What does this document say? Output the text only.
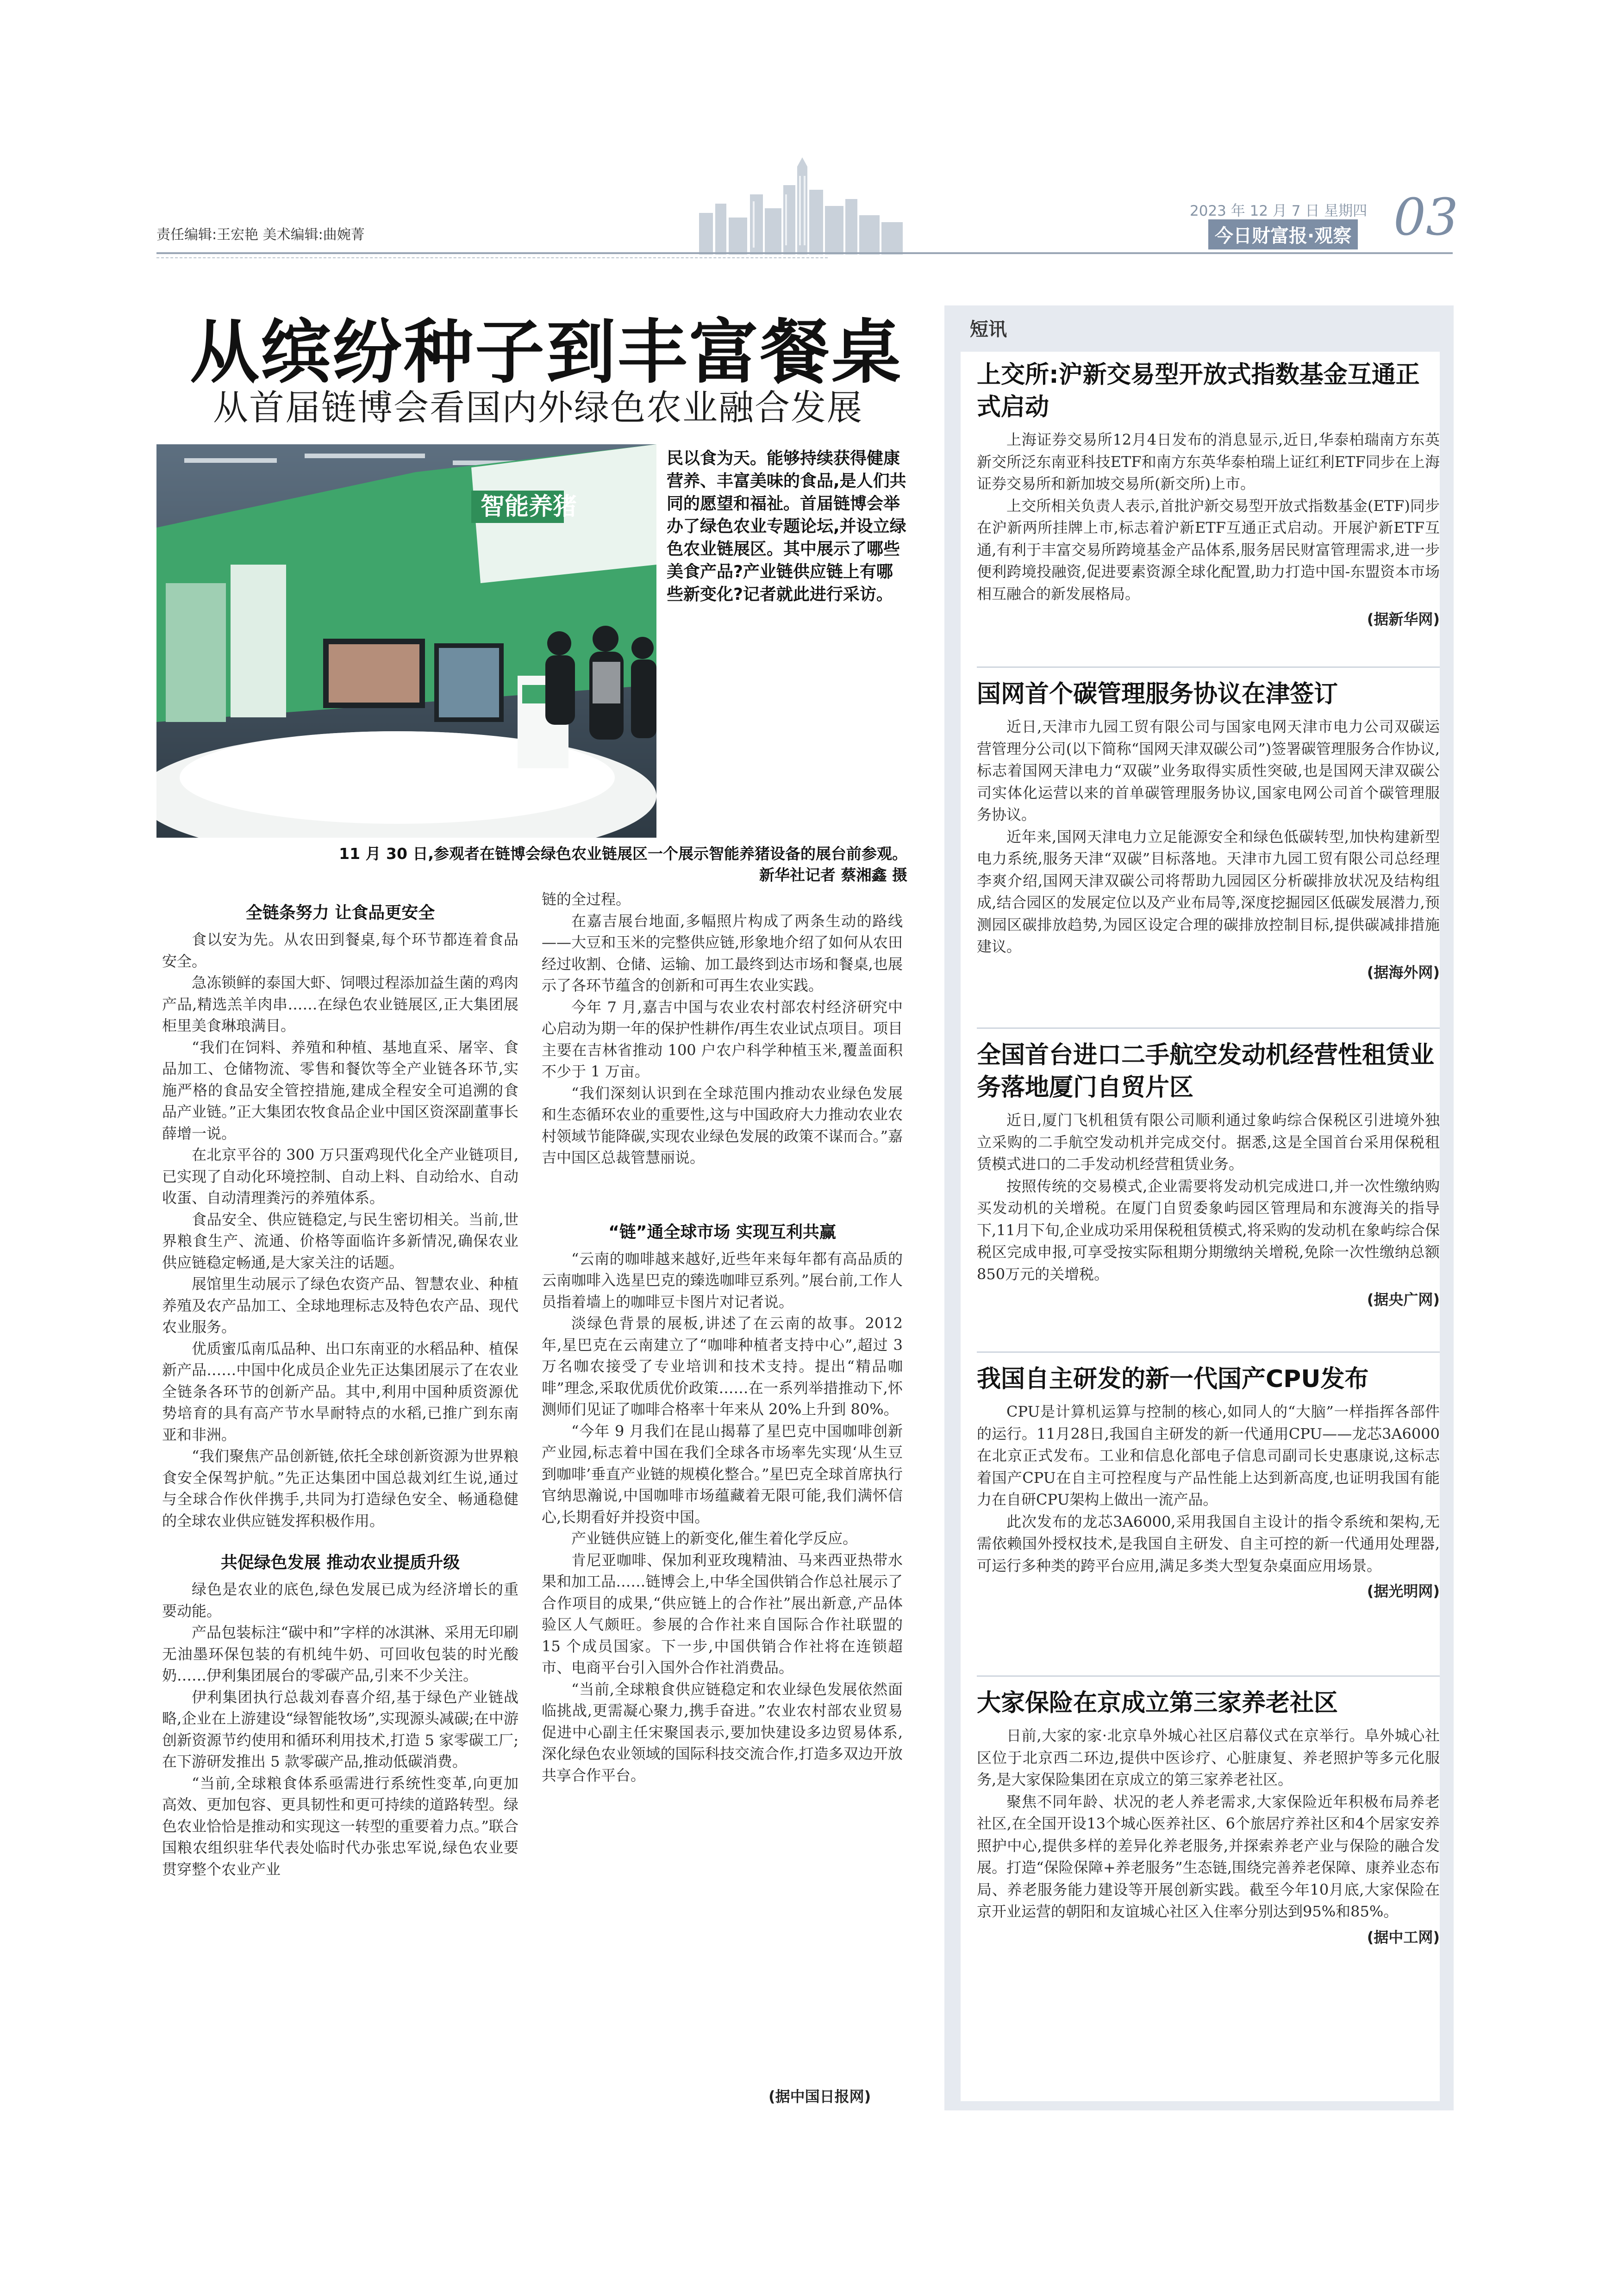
责任编辑:王宏艳 美术编辑:曲婉菁
2023 年 12 月 7 日 星期四
今日财富报·观察 03
从缤纷种子到丰富餐桌
从首届链博会看国内外绿色农业融合发展
智能养猪
民以食为天。能够持续获得健康营养、丰富美味的食品,是人们共同的愿望和福祉。首届链博会举办了绿色农业专题论坛,并设立绿色农业链展区。其中展示了哪些美食产品?产业链供应链上有哪些新变化?记者就此进行采访。
11 月 30 日,参观者在链博会绿色农业链展区一个展示智能养猪设备的展台前参观。
新华社记者 蔡湘鑫 摄
全链条努力 让食品更安全

食以安为先。从农田到餐桌,每个环节都连着食品安全。

急冻锁鲜的泰国大虾、饲喂过程添加益生菌的鸡肉产品,精选羔羊肉串……在绿色农业链展区,正大集团展柜里美食琳琅满目。

“我们在饲料、养殖和种植、基地直采、屠宰、食品加工、仓储物流、零售和餐饮等全产业链各环节,实施严格的食品安全管控措施,建成全程安全可追溯的食品产业链。”正大集团农牧食品企业中国区资深副董事长薛增一说。

在北京平谷的 300 万只蛋鸡现代化全产业链项目,已实现了自动化环境控制、自动上料、自动给水、自动收蛋、自动清理粪污的养殖体系。

食品安全、供应链稳定,与民生密切相关。当前,世界粮食生产、流通、价格等面临许多新情况,确保农业供应链稳定畅通,是大家关注的话题。

展馆里生动展示了绿色农资产品、智慧农业、种植养殖及农产品加工、全球地理标志及特色农产品、现代农业服务。

优质蜜瓜南瓜品种、出口东南亚的水稻品种、植保新产品……中国中化成员企业先正达集团展示了在农业全链条各环节的创新产品。其中,利用中国种质资源优势培育的具有高产节水旱耐特点的水稻,已推广到东南亚和非洲。

“我们聚焦产品创新链,依托全球创新资源为世界粮食安全保驾护航。”先正达集团中国总裁刘红生说,通过与全球合作伙伴携手,共同为打造绿色安全、畅通稳健的全球农业供应链发挥积极作用。

共促绿色发展 推动农业提质升级

绿色是农业的底色,绿色发展已成为经济增长的重要动能。

产品包装标注“碳中和”字样的冰淇淋、采用无印刷无油墨环保包装的有机纯牛奶、可回收包装的时光酸奶……伊利集团展台的零碳产品,引来不少关注。

伊利集团执行总裁刘春喜介绍,基于绿色产业链战略,企业在上游建设“绿智能牧场”,实现源头减碳;在中游创新资源节约使用和循环利用技术,打造 5 家零碳工厂;在下游研发推出 5 款零碳产品,推动低碳消费。

“当前,全球粮食体系亟需进行系统性变革,向更加高效、更加包容、更具韧性和更可持续的道路转型。绿色农业恰恰是推动和实现这一转型的重要着力点。”联合国粮农组织驻华代表处临时代办张忠军说,绿色农业要贯穿整个农业产业

链的全过程。

在嘉吉展台地面,多幅照片构成了两条生动的路线——大豆和玉米的完整供应链,形象地介绍了如何从农田经过收割、仓储、运输、加工最终到达市场和餐桌,也展示了各环节蕴含的创新和可再生农业实践。

今年 7 月,嘉吉中国与农业农村部农村经济研究中心启动为期一年的保护性耕作/再生农业试点项目。项目主要在吉林省推动 100 户农户科学种植玉米,覆盖面积不少于 1 万亩。

“我们深刻认识到在全球范围内推动农业绿色发展和生态循环农业的重要性,这与中国政府大力推动农业农村领域节能降碳,实现农业绿色发展的政策不谋而合。”嘉吉中国区总裁管慧丽说。

“链”通全球市场 实现互利共赢

“云南的咖啡越来越好,近些年来每年都有高品质的云南咖啡入选星巴克的臻选咖啡豆系列。”展台前,工作人员指着墙上的咖啡豆卡图片对记者说。

淡绿色背景的展板,讲述了在云南的故事。2012 年,星巴克在云南建立了“咖啡种植者支持中心”,超过 3 万名咖农接受了专业培训和技术支持。提出“精品咖啡”理念,采取优质优价政策……在一系列举措推动下,怀测师们见证了咖啡合格率十年来从 20%上升到 80%。

“今年 9 月我们在昆山揭幕了星巴克中国咖啡创新产业园,标志着中国在我们全球各市场率先实现‘从生豆到咖啡’垂直产业链的规模化整合。”星巴克全球首席执行官纳思瀚说,中国咖啡市场蕴藏着无限可能,我们满怀信心,长期看好并投资中国。

产业链供应链上的新变化,催生着化学反应。

肯尼亚咖啡、保加利亚玫瑰精油、马来西亚热带水果和加工品……链博会上,中华全国供销合作总社展示了合作项目的成果,“供应链上的合作社”展出新意,产品体验区人气颇旺。参展的合作社来自国际合作社联盟的 15 个成员国家。下一步,中国供销合作社将在连锁超市、电商平台引入国外合作社消费品。

“当前,全球粮食供应链稳定和农业绿色发展依然面临挑战,更需凝心聚力,携手奋进。”农业农村部农业贸易促进中心副主任宋聚国表示,要加快建设多边贸易体系,深化绿色农业领域的国际科技交流合作,打造多双边开放共享合作平台。

(据中国日报网)
短讯
上交所:沪新交易型开放式指数基金互通正式启动

上海证券交易所12月4日发布的消息显示,近日,华泰柏瑞南方东英新交所泛东南亚科技ETF和南方东英华泰柏瑞上证红利ETF同步在上海证券交易所和新加坡交易所(新交所)上市。

上交所相关负责人表示,首批沪新交易型开放式指数基金(ETF)同步在沪新两所挂牌上市,标志着沪新ETF互通正式启动。开展沪新ETF互通,有利于丰富交易所跨境基金产品体系,服务居民财富管理需求,进一步便利跨境投融资,促进要素资源全球化配置,助力打造中国-东盟资本市场相互融合的新发展格局。

(据新华网)
国网首个碳管理服务协议在津签订

近日,天津市九园工贸有限公司与国家电网天津市电力公司双碳运营管理分公司(以下简称“国网天津双碳公司”)签署碳管理服务合作协议,标志着国网天津电力“双碳”业务取得实质性突破,也是国网天津双碳公司实体化运营以来的首单碳管理服务协议,国家电网公司首个碳管理服务协议。

近年来,国网天津电力立足能源安全和绿色低碳转型,加快构建新型电力系统,服务天津“双碳”目标落地。天津市九园工贸有限公司总经理李爽介绍,国网天津双碳公司将帮助九园园区分析碳排放状况及结构组成,结合园区的发展定位以及产业布局等,深度挖掘园区低碳发展潜力,预测园区碳排放趋势,为园区设定合理的碳排放控制目标,提供碳减排措施建议。

(据海外网)
全国首台进口二手航空发动机经营性租赁业务落地厦门自贸片区

近日,厦门飞机租赁有限公司顺利通过象屿综合保税区引进境外独立采购的二手航空发动机并完成交付。据悉,这是全国首台采用保税租赁模式进口的二手发动机经营租赁业务。

按照传统的交易模式,企业需要将发动机完成进口,并一次性缴纳购买发动机的关增税。在厦门自贸委象屿园区管理局和东渡海关的指导下,11月下旬,企业成功采用保税租赁模式,将采购的发动机在象屿综合保税区完成申报,可享受按实际租期分期缴纳关增税,免除一次性缴纳总额850万元的关增税。

(据央广网)
我国自主研发的新一代国产CPU发布

CPU是计算机运算与控制的核心,如同人的“大脑”一样指挥各部件的运行。11月28日,我国自主研发的新一代通用CPU——龙芯3A6000在北京正式发布。工业和信息化部电子信息司副司长史惠康说,这标志着国产CPU在自主可控程度与产品性能上达到新高度,也证明我国有能力在自研CPU架构上做出一流产品。

此次发布的龙芯3A6000,采用我国自主设计的指令系统和架构,无需依赖国外授权技术,是我国自主研发、自主可控的新一代通用处理器,可运行多种类的跨平台应用,满足多类大型复杂桌面应用场景。

(据光明网)
大家保险在京成立第三家养老社区

日前,大家的家·北京阜外城心社区启幕仪式在京举行。阜外城心社区位于北京西二环边,提供中医诊疗、心脏康复、养老照护等多元化服务,是大家保险集团在京成立的第三家养老社区。

聚焦不同年龄、状况的老人养老需求,大家保险近年积极布局养老社区,在全国开设13个城心医养社区、6个旅居疗养社区和4个居家安养照护中心,提供多样的差异化养老服务,并探索养老产业与保险的融合发展。打造“保险保障+养老服务”生态链,围绕完善养老保障、康养业态布局、养老服务能力建设等开展创新实践。截至今年10月底,大家保险在京开业运营的朝阳和友谊城心社区入住率分别达到95%和85%。

(据中工网)
